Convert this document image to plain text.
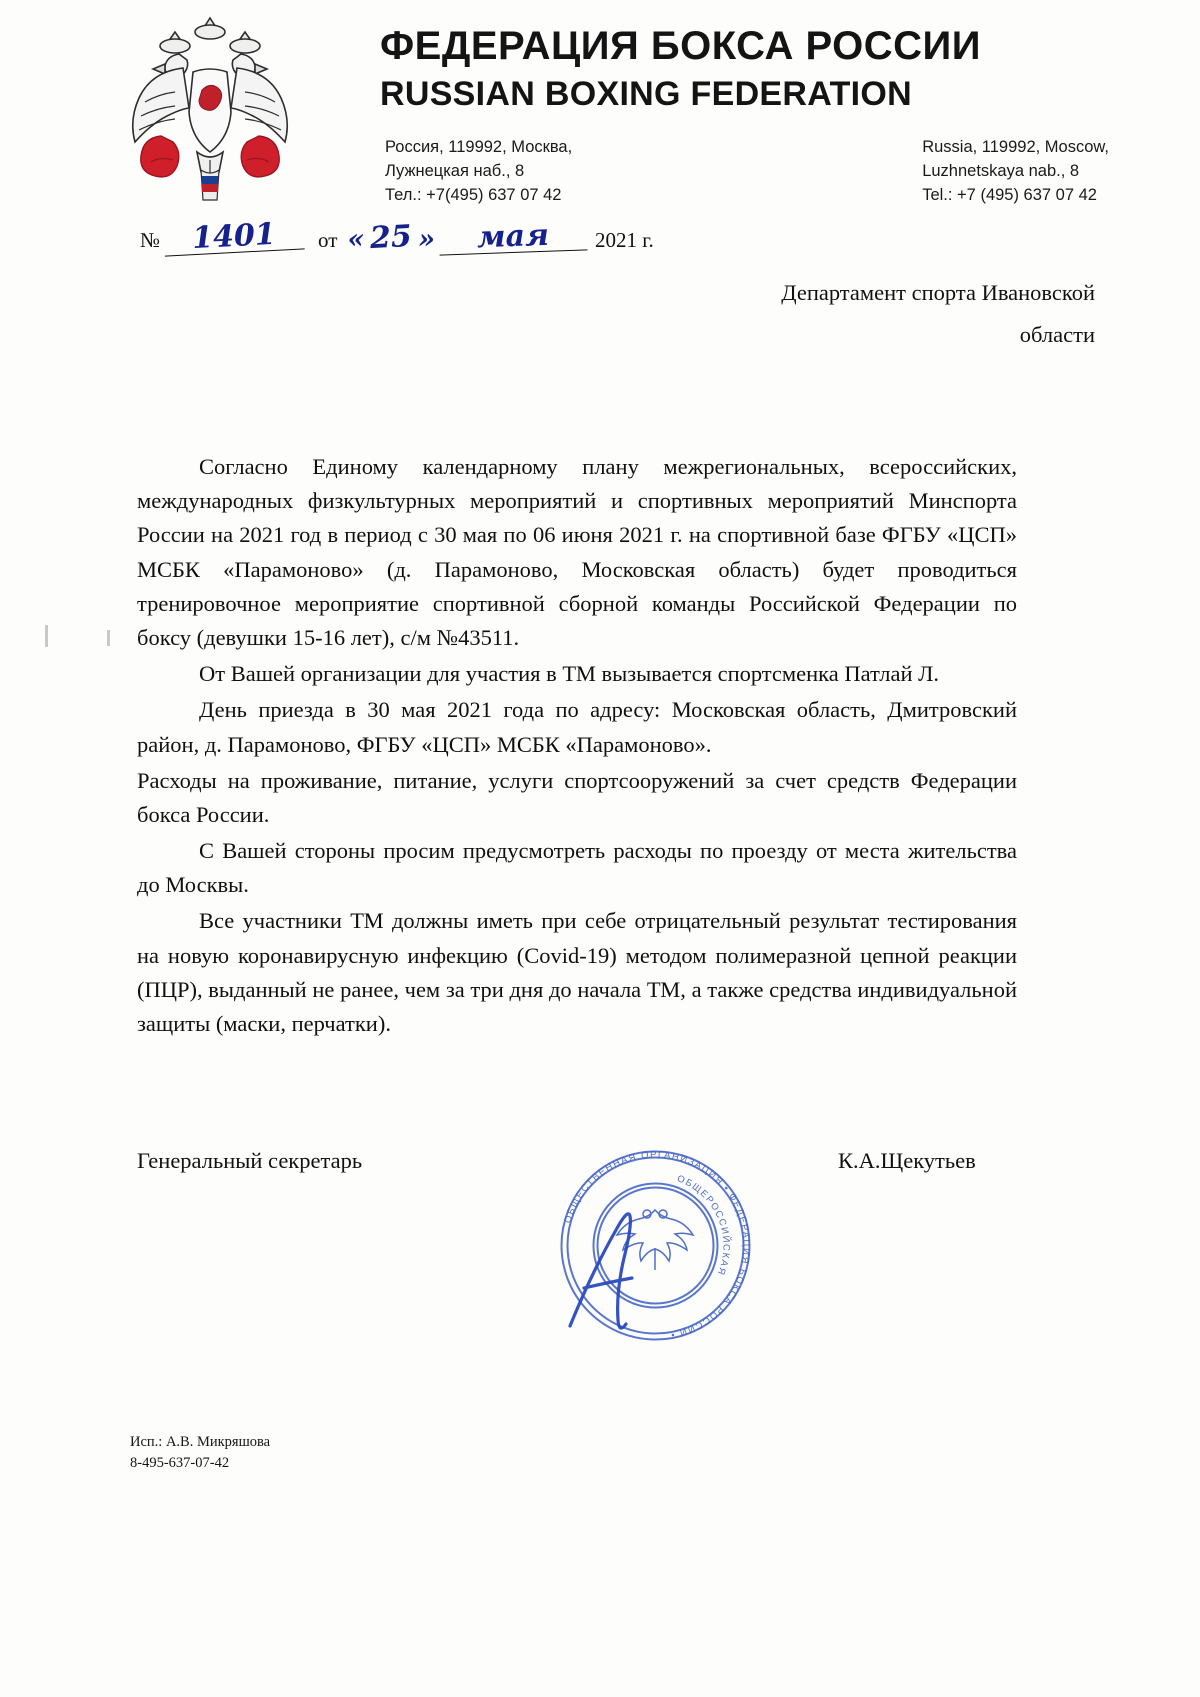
ФЕДЕРАЦИЯ БОКСА РОССИИ
RUSSIAN BOXING FEDERATION
Россия, 119992, Москва,
Лужнецкая наб., 8
Тел.: +7(495) 637 07 42
Russia, 119992, Moscow,
Luzhnetskaya nab., 8
Tel.: +7 (495) 637 07 42
№	1401	от « 25 »	мая	2021 г.
Департамент спорта Ивановской
области

Согласно Единому календарному плану межрегиональных, всероссийских, международных физкультурных мероприятий и спортивных мероприятий Минспорта России на 2021 год в период с 30 мая по 06 июня 2021 г. на спортивной базе ФГБУ «ЦСП» МСБК «Парамоново» (д. Парамоново, Московская область) будет проводиться тренировочное мероприятие спортивной сборной команды Российской Федерации по боксу (девушки 15-16 лет), с/м №43511.

От Вашей организации для участия в ТМ вызывается спортсменка Патлай Л.

День приезда в 30 мая 2021 года по адресу: Московская область, Дмитровский район, д. Парамоново, ФГБУ «ЦСП» МСБК «Парамоново».

Расходы на проживание, питание, услуги спортсооружений за счет средств Федерации бокса России.

С Вашей стороны просим предусмотреть расходы по проезду от места жительства до Москвы.

Все участники ТМ должны иметь при себе отрицательный результат тестирования на новую коронавирусную инфекцию (Covid-19) методом полимеразной цепной реакции (ПЦР), выданный не ранее, чем за три дня до начала ТМ, а также средства индивидуальной защиты (маски, перчатки).

Генеральный секретарь	К.А.Щекутьев
ОБЩЕСТВЕННАЯ ОРГАНИЗАЦИЯ • ФЕДЕРАЦИЯ БОКСА РОССИИ •
ОБЩЕРОССИЙСКАЯ
Исп.: А.В. Микряшова
8-495-637-07-42
